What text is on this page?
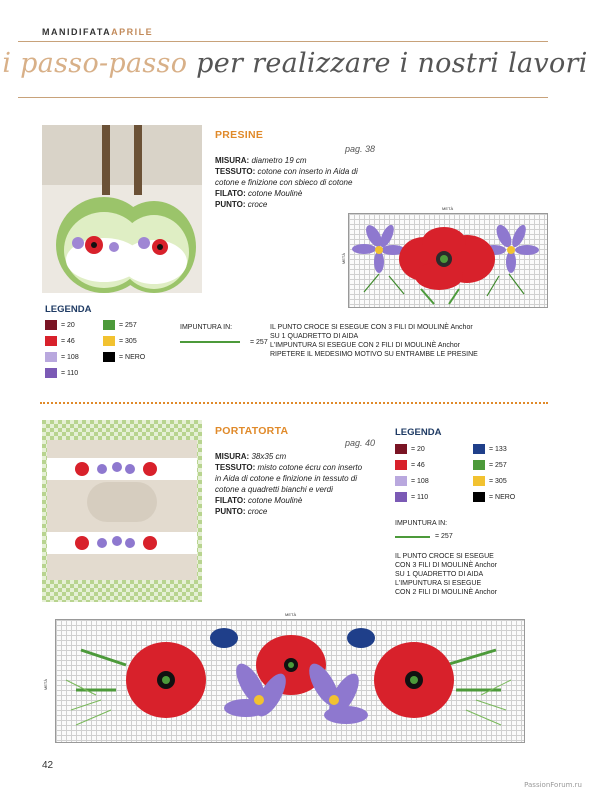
MANIDIFATAAPRILE
i passo-passo per realizzare i nostri lavori
PRESINE
pag. 38
MISURA: diametro 19 cm
TESSUTO: cotone con inserto in Aida di cotone e finizione con sbieco di cotone
FILATO: cotone Moulinè
PUNTO: croce	METÀ
METÀ
LEGENDA
= 20
= 46
= 108
= 110
= 257
= 305
= NERO
IMPUNTURA IN:
= 257
IL PUNTO CROCE SI ESEGUE CON 3 FILI DI MOULINÈ Anchor
SU 1 QUADRETTO DI AIDA
L'IMPUNTURA SI ESEGUE CON 2 FILI DI MOULINÈ Anchor
RIPETERE IL MEDESIMO MOTIVO SU ENTRAMBE LE PRESINE
PORTATORTA
pag. 40
MISURA: 38x35 cm
TESSUTO: misto cotone écru con inserto in Aida di cotone e finizione in tessuto di cotone a quadretti bianchi e verdi
FILATO: cotone Moulinè
PUNTO: croce
LEGENDA
= 20
= 46
= 108
= 110
= 133
= 257
= 305
= NERO
IMPUNTURA IN:
= 257
IL PUNTO CROCE SI ESEGUE
CON 3 FILI DI MOULINÈ Anchor
SU 1 QUADRETTO DI AIDA
L'IMPUNTURA SI ESEGUE
CON 2 FILI DI MOULINÈ Anchor
METÀ
METÀ
42
PassionForum.ru
